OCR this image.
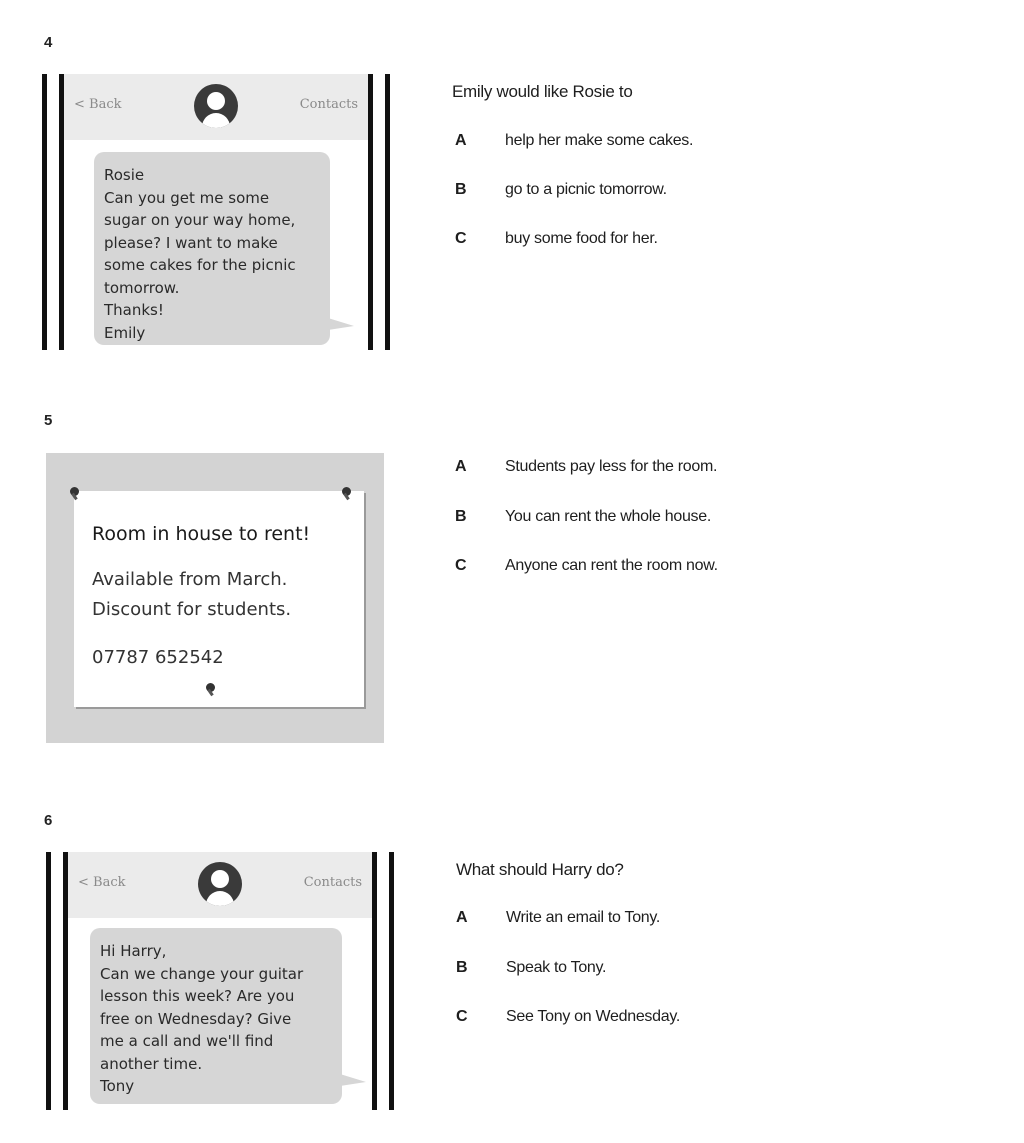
4
< Back	Contacts
Rosie
Can you get me some
sugar on your way home,
please? I want to make
some cakes for the picnic
tomorrow.
Thanks!
Emily
Emily would like Rosie to
A help her make some cakes.
B go to a picnic tomorrow.
C buy some food for her.
5
Room in house to rent!
Available from March.
Discount for students.
07787 652542
A Students pay less for the room.
B You can rent the whole house.
C Anyone can rent the room now.
6
< Back	Contacts
Hi Harry,
Can we change your guitar
lesson this week? Are you
free on Wednesday? Give
me a call and we'll find
another time.
Tony
What should Harry do?
A Write an email to Tony.
B Speak to Tony.
C See Tony on Wednesday.
